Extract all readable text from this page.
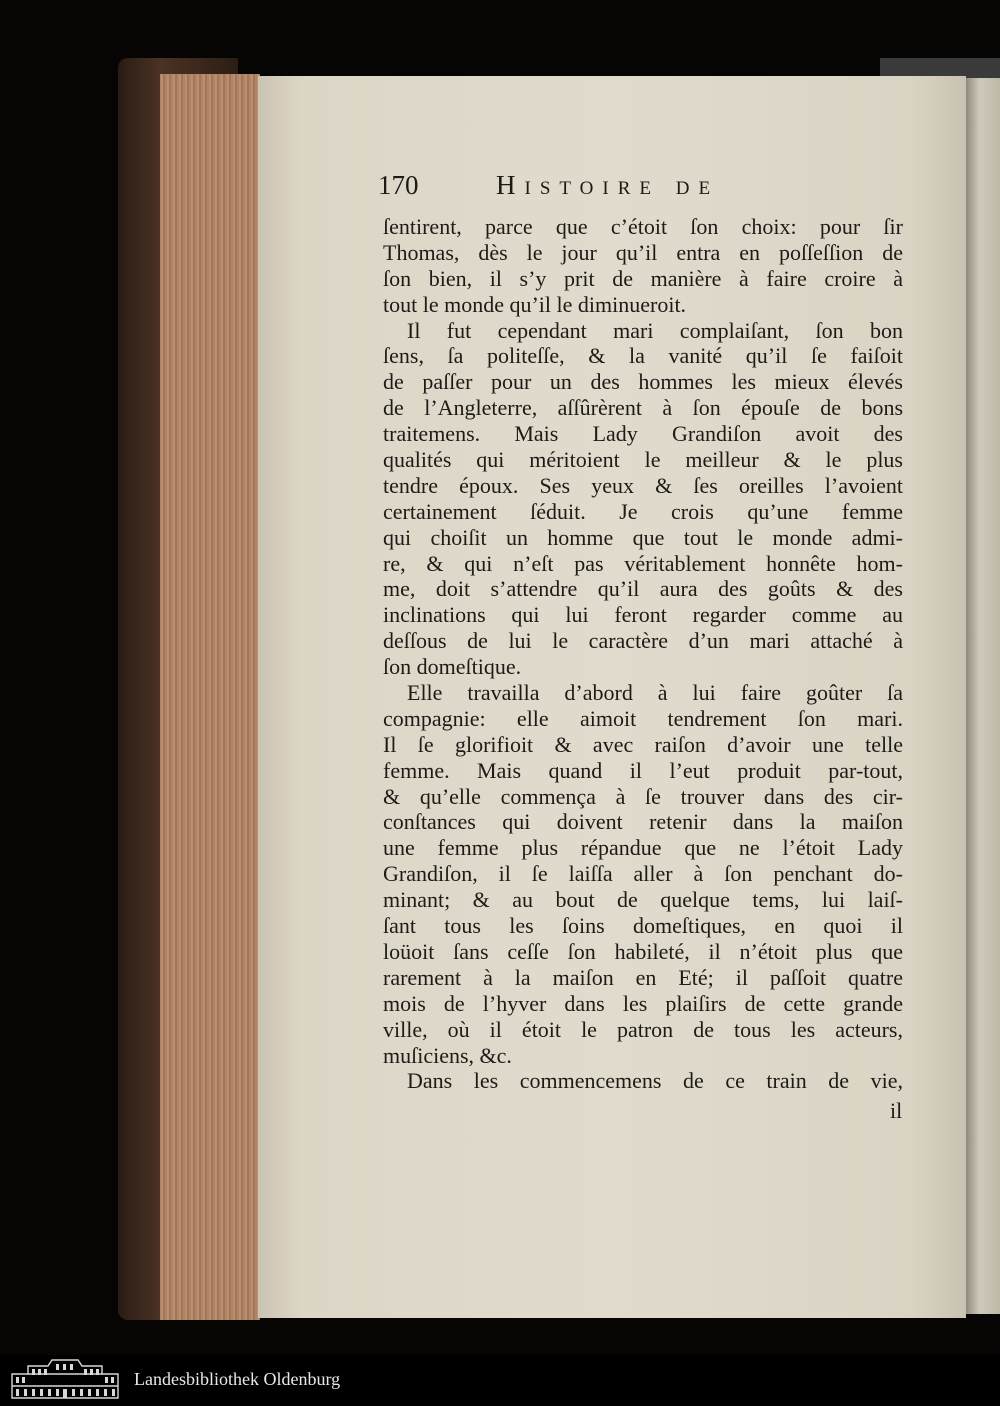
170	Histoire de
ſentirent, parce que c’étoit ſon choix: pour ſir
Thomas, dès le jour qu’il entra en poſſeſſion de
ſon bien, il s’y prit de manière à faire croire à
tout le monde qu’il le diminueroit.
Il fut cependant mari complaiſant, ſon bon
ſens, ſa politeſſe, & la vanité qu’il ſe faiſoit
de paſſer pour un des hommes les mieux élevés
de l’Angleterre, aſſûrèrent à ſon épouſe de bons
traitemens. Mais Lady Grandiſon avoit des
qualités qui méritoient le meilleur & le plus
tendre époux. Ses yeux & ſes oreilles l’avoient
certainement ſéduit. Je crois qu’une femme
qui choiſit un homme que tout le monde admi-
re, & qui n’eſt pas véritablement honnête hom-
me, doit s’attendre qu’il aura des goûts & des
inclinations qui lui feront regarder comme au
deſſous de lui le caractère d’un mari attaché à
ſon domeſtique.
Elle travailla d’abord à lui faire goûter ſa
compagnie: elle aimoit tendrement ſon mari.
Il ſe glorifioit & avec raiſon d’avoir une telle
femme. Mais quand il l’eut produit par-tout,
& qu’elle commença à ſe trouver dans des cir-
conſtances qui doivent retenir dans la maiſon
une femme plus répandue que ne l’étoit Lady
Grandiſon, il ſe laiſſa aller à ſon penchant do-
minant; & au bout de quelque tems, lui laiſ-
ſant tous les ſoins domeſtiques, en quoi il
loüoit ſans ceſſe ſon habileté, il n’étoit plus que
rarement à la maiſon en Eté; il paſſoit quatre
mois de l’hyver dans les plaiſirs de cette grande
ville, où il étoit le patron de tous les acteurs,
muſiciens, &c.
Dans les commencemens de ce train de vie,
il
Landesbibliothek Oldenburg
